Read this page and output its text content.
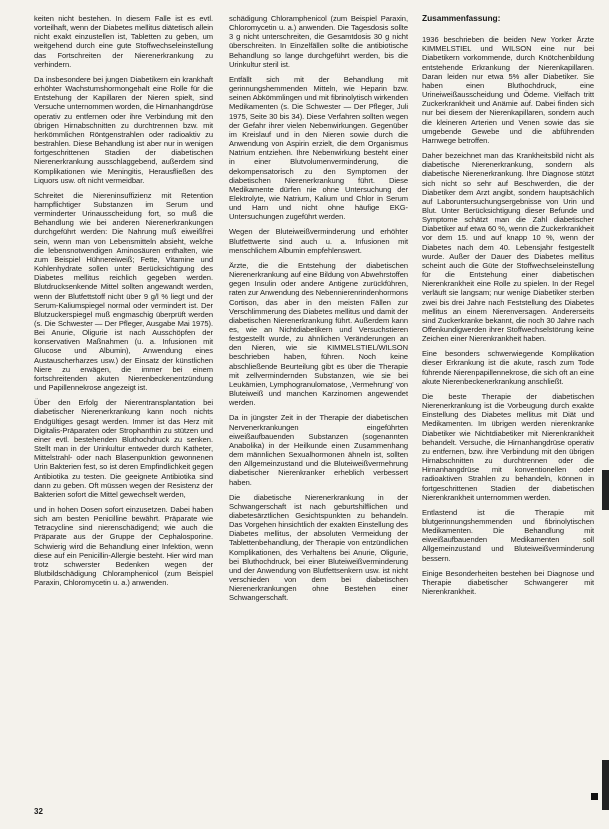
keiten nicht bestehen. In diesem Falle ist es evtl. vorteilhaft, wenn der Diabetes mellitus diätetisch allein nicht exakt einzustellen ist, Tabletten zu geben, um weitgehend durch eine gute Stoffwechseleinstellung das Fortschreiten der Nierenerkrankung zu verhindern.

Da insbesondere bei jungen Diabetikern ein krankhaft erhöhter Wachstumshormongehalt eine Rolle für die Entstehung der Kapillaren der Nieren spielt, sind Versuche unternommen worden, die Hirnanhangdrüse operativ zu entfernen oder ihre Verbindung mit den übrigen Hirnabschnitten zu durchtrennen bzw. mit herkömmlichen Röntgenstrahlen oder radioaktiv zu bestrahlen. Diese Behandlung ist aber nur in wenigen fortgeschrittenen Stadien der diabetischen Nierenerkrankung ausschlaggebend, außerdem sind Komplikationen wie Meningitis, Herausfließen des Liquors usw. oft nicht vermeidbar.

Schreitet die Niereninsuffizienz mit Retention harnpflichtiger Substanzen im Serum und verminderter Urinausscheidung fort, so muß die Behandlung wie bei anderen Nierenerkrankungen durchgeführt werden: Die Nahrung muß eiweißfrei sein, wenn man von Lebensmitteln absieht, welche die lebensnotwendigen Aminosäuren enthalten, wie zum Beispiel Hühnereiweiß; Fette, Vitamine und Kohlenhydrate sollen unter Berücksichtigung des Diabetes mellitus reichlich gegeben werden. Blutdrucksenkende Mittel sollten angewandt werden, wenn der Blutfettstoff nicht über 9 g/l % liegt und der Serum-Kaliumspiegel normal oder vermindert ist. Der Blutzuckerspiegel muß engmaschig überprüft werden (s. Die Schwester — Der Pfleger, Ausgabe Mai 1975). Bei Anurie, Oligurie ist nach Ausschöpfen der konservativen Maßnahmen (u. a. Infusionen mit Glucose und Albumin), Anwendung eines Austauscherharzes usw.) der Einsatz der künstlichen Niere zu erwägen, die immer bei einem fortschreitenden akuten Nierenbeckenentzündung und Papillennekrose angezeigt ist.

Über den Erfolg der Nierentransplantation bei diabetischer Nierenerkrankung kann noch nichts Endgültiges gesagt werden. Immer ist das Herz mit Digitalis-Präparaten oder Strophanthin zu stützen und einer evtl. bestehenden Bluthochdruck zu senken. Stellt man in der Urinkultur entweder durch Katheter, Mittelstrahl- oder nach Blasenpunktion gewonnenen Urin Bakterien fest, so ist deren Empfindlichkeit gegen Antibiotika zu testen. Die geeignete Antibiotika sind dann zu geben. Oft müssen wegen der Resistenz der Bakterien sofort die Mittel gewechselt werden,

und in hohen Dosen sofort einzusetzen. Dabei haben sich am besten Penicilline bewährt. Präparate wie Tetracycline sind nierenschädigend; wie auch die Präparate aus der Gruppe der Cephalosporine. Schwierig wird die Behandlung einer Infektion, wenn diese auf ein Penicillin-Allergie besteht. Hier wird man trotz schwerster Bedenken wegen der Blutbildschädigung Chloramphenicol (zum Beispiel Paraxin, Chloromycetin u. a.) anwenden.

schädigung Chloramphenicol (zum Beispiel Paraxin, Chloromycetin u. a.) anwenden. Die Tagesdosis sollte 3 g nicht unterschreiten, die Gesamtdosis 30 g nicht überschreiten. In Einzelfällen sollte die antibiotische Behandlung so lange durchgeführt werden, bis die Urinkultur steril ist.

Entfällt sich mit der Behandlung mit gerinnungshemmenden Mitteln, wie Heparin bzw. seinen Abkömmlingen und mit fibrinolytisch wirkenden Medikamenten (s. Die Schwester — Der Pfleger, Juli 1975, Seite 30 bis 34). Diese Verfahren sollten wegen der Gefahr ihrer vielen Nebenwirkungen. Gegenüber im Kreislauf und in den Nieren sowie durch die Anwendung von Aspirin erzielt, die dem Organismus Natrium entziehen. Ihre Nebenwirkung besteht einer in einer Blutvolumenverminderung, die dekompensatorisch zu den Symptomen der diabetischen Nierenerkrankung führt. Diese Medikamente dürfen nie ohne Untersuchung der Elektrolyte, wie Natrium, Kalium und Chlor in Serum und Harn und nicht ohne häufige EKG-Untersuchungen zugeführt werden.

Wegen der Bluteiweißverminderung und erhöhter Blutfettwerte sind auch u. a. Infusionen mit menschlichem Albumin empfehlenswert.

Ärzte, die die Entstehung der diabetischen Nierenerkrankung auf eine Bildung von Abwehrstoffen gegen Insulin oder andere Antigene zurückführen, raten zur Anwendung des Nebennierenrindenhormons Cortison, das aber in den meisten Fällen zur Verschlimmerung des Diabetes mellitus und damit der diabetischen Nierenerkrankung führt. Außerdem kann es, wie an Nichtdiabetikern und Versuchstieren festgestellt wurde, zu ähnlichen Veränderungen an den Nieren, wie sie KIMMELSTIEL/WILSON beschrieben haben, führen. Noch keine abschließende Beurteilung gibt es über die Therapie mit zellvermindernden Substanzen, wie sie bei Leukämien, Lymphogranulomatose, ,Vermehrung' von Bluteiweiß und manchen Karzinomen angewendet werden.

Da in jüngster Zeit in der Therapie der diabetischen Nervenerkrankungen eingeführten eiweißaufbauenden Substanzen (sogenannten Anabolika) in der Heilkunde einen Zusammenhang dem männlichen Sexualhormonen ähneln ist, sollten den Allgemeinzustand und die Bluteiweißvermehrung diabetischer Nierenkranker erheblich verbessert haben.

Die diabetische Nierenerkrankung in der Schwangerschaft ist nach geburtshilflichen und diabetesärztlichen Gesichtspunkten zu behandeln. Das Vorgehen hinsichtlich der exakten Einstellung des Diabetes mellitus, der absoluten Vermeidung der Tablettenbehandlung, der Therapie von entzündlichen Komplikationen, des Verhaltens bei Anurie, Oligurie, bei Bluthochdruck, bei einer Bluteiweißverminderung und der Anwendung von Blutfettsenkern usw. ist nicht verschieden von dem bei diabetischen Nierenerkrankungen ohne Bestehen einer Schwangerschaft.

Zusammenfassung:

1936 beschrieben die beiden New Yorker Ärzte KIMMELSTIEL und WILSON eine nur bei Diabetikern vorkommende, durch Knötchenbildung entstehende Erkrankung der Nierenkapillaren. Daran leiden nur etwa 5% aller Diabetiker. Sie haben einen Bluthochdruck, eine Urineiweißausscheidung und Ödeme. Vielfach tritt Zuckerkrankheit und Anämie auf. Dabei finden sich nur bei diesem der Nierenkapillaren, sondern auch die kleineren Arterien und Venen sowie das sie umgebende Gewebe und die abführenden Harnwege betroffen.

Daher bezeichnet man das Krankheitsbild nicht als diabetische Nierenerkrankung, sondern als diabetische Nierenerkrankung. Ihre Diagnose stützt sich nicht so sehr auf Beschwerden, die der Diabetiker dem Arzt angibt, sondern hauptsächlich auf Laboruntersuchungsergebnisse von Urin und Blut. Unter Berücksichtigung dieser Befunde und Symptome schätzt man die Zahl diabetischer Diabetiker auf etwa 60 %, wenn die Zuckerkrankheit vor dem 15. und auf knapp 10 %, wenn der Diabetes nach dem 40. Lebensjahr festgestellt wurde. Außer der Dauer des Diabetes mellitus scheint auch die Güte der Stoffwechseleinstellung für die Entstehung einer diabetischen Nierenkrankheit eine Rolle zu spielen. In der Regel verläuft sie langsam; nur wenige Diabetiker sterben zwei bis drei Jahre nach Feststellung des Diabetes mellitus an einem Nierenversagen. Andererseits sind Zuckerkranke bekannt, die noch 30 Jahre nach Offenkundigwerden ihrer Stoffwechselstörung keine Zeichen einer Nierenkrankheit haben.

Eine besonders schwerwiegende Komplikation dieser Erkrankung ist die akute, rasch zum Tode führende Nierenpapillennekrose, die sich oft an eine akute Nierenbeckenerkrankung anschließt.

Die beste Therapie der diabetischen Nierenerkrankung ist die Vorbeugung durch exakte Einstellung des Diabetes mellitus mit Diät und Medikamenten. Im übrigen werden nierenkranke Diabetiker wie Nichtdiabetiker mit Nierenkrankheit behandelt. Versuche, die Hirnanhangdrüse operativ zu entfernen, bzw. ihre Verbindung mit den übrigen Hirnabschnitten zu durchtrennen oder die Hirnanhangdrüse mit konventionellen oder radioaktiven Strahlen zu behandeln, können in fortgeschrittenen Stadien der diabetischen Nierenkrankheit unternommen werden.

Entlastend ist die Therapie mit blutgerinnungshemmenden und fibrinolytischen Medikamenten. Die Behandlung mit eiweißaufbauenden Medikamenten soll Allgemeinzustand und Bluteiweißverminderung bessern.

Einige Besonderheiten bestehen bei Diagnose und Therapie diabetischer Schwangerer mit Nierenkrankheit.

32
